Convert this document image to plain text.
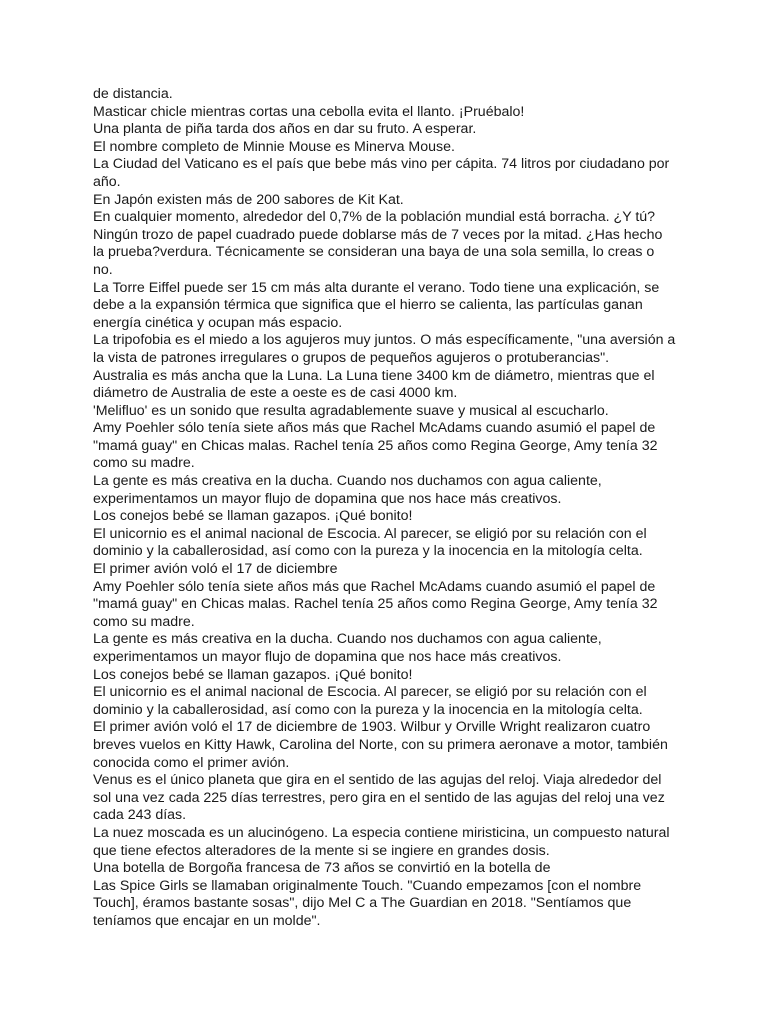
de distancia.
Masticar chicle mientras cortas una cebolla evita el llanto. ¡Pruébalo!
Una planta de piña tarda dos años en dar su fruto. A esperar.
El nombre completo de Minnie Mouse es Minerva Mouse.
La Ciudad del Vaticano es el país que bebe más vino per cápita. 74 litros por ciudadano por
año.
En Japón existen más de 200 sabores de Kit Kat.
En cualquier momento, alrededor del 0,7% de la población mundial está borracha. ¿Y tú?
Ningún trozo de papel cuadrado puede doblarse más de 7 veces por la mitad. ¿Has hecho
la prueba?verdura. Técnicamente se consideran una baya de una sola semilla, lo creas o
no.
La Torre Eiffel puede ser 15 cm más alta durante el verano. Todo tiene una explicación, se
debe a la expansión térmica que significa que el hierro se calienta, las partículas ganan
energía cinética y ocupan más espacio.
La tripofobia es el miedo a los agujeros muy juntos. O más específicamente, "una aversión a
la vista de patrones irregulares o grupos de pequeños agujeros o protuberancias".
Australia es más ancha que la Luna. La Luna tiene 3400 km de diámetro, mientras que el
diámetro de Australia de este a oeste es de casi 4000 km.
'Melifluo' es un sonido que resulta agradablemente suave y musical al escucharlo.
Amy Poehler sólo tenía siete años más que Rachel McAdams cuando asumió el papel de
"mamá guay" en Chicas malas. Rachel tenía 25 años como Regina George, Amy tenía 32
como su madre.
La gente es más creativa en la ducha. Cuando nos duchamos con agua caliente,
experimentamos un mayor flujo de dopamina que nos hace más creativos.
Los conejos bebé se llaman gazapos. ¡Qué bonito!
El unicornio es el animal nacional de Escocia. Al parecer, se eligió por su relación con el
dominio y la caballerosidad, así como con la pureza y la inocencia en la mitología celta.
El primer avión voló el 17 de diciembre
Amy Poehler sólo tenía siete años más que Rachel McAdams cuando asumió el papel de
"mamá guay" en Chicas malas. Rachel tenía 25 años como Regina George, Amy tenía 32
como su madre.
La gente es más creativa en la ducha. Cuando nos duchamos con agua caliente,
experimentamos un mayor flujo de dopamina que nos hace más creativos.
Los conejos bebé se llaman gazapos. ¡Qué bonito!
El unicornio es el animal nacional de Escocia. Al parecer, se eligió por su relación con el
dominio y la caballerosidad, así como con la pureza y la inocencia en la mitología celta.
El primer avión voló el 17 de diciembre de 1903. Wilbur y Orville Wright realizaron cuatro
breves vuelos en Kitty Hawk, Carolina del Norte, con su primera aeronave a motor, también
conocida como el primer avión.
Venus es el único planeta que gira en el sentido de las agujas del reloj. Viaja alrededor del
sol una vez cada 225 días terrestres, pero gira en el sentido de las agujas del reloj una vez
cada 243 días.
La nuez moscada es un alucinógeno. La especia contiene miristicina, un compuesto natural
que tiene efectos alteradores de la mente si se ingiere en grandes dosis.
Una botella de Borgoña francesa de 73 años se convirtió en la botella de
Las Spice Girls se llamaban originalmente Touch. "Cuando empezamos [con el nombre
Touch], éramos bastante sosas", dijo Mel C a The Guardian en 2018. "Sentíamos que
teníamos que encajar en un molde".
